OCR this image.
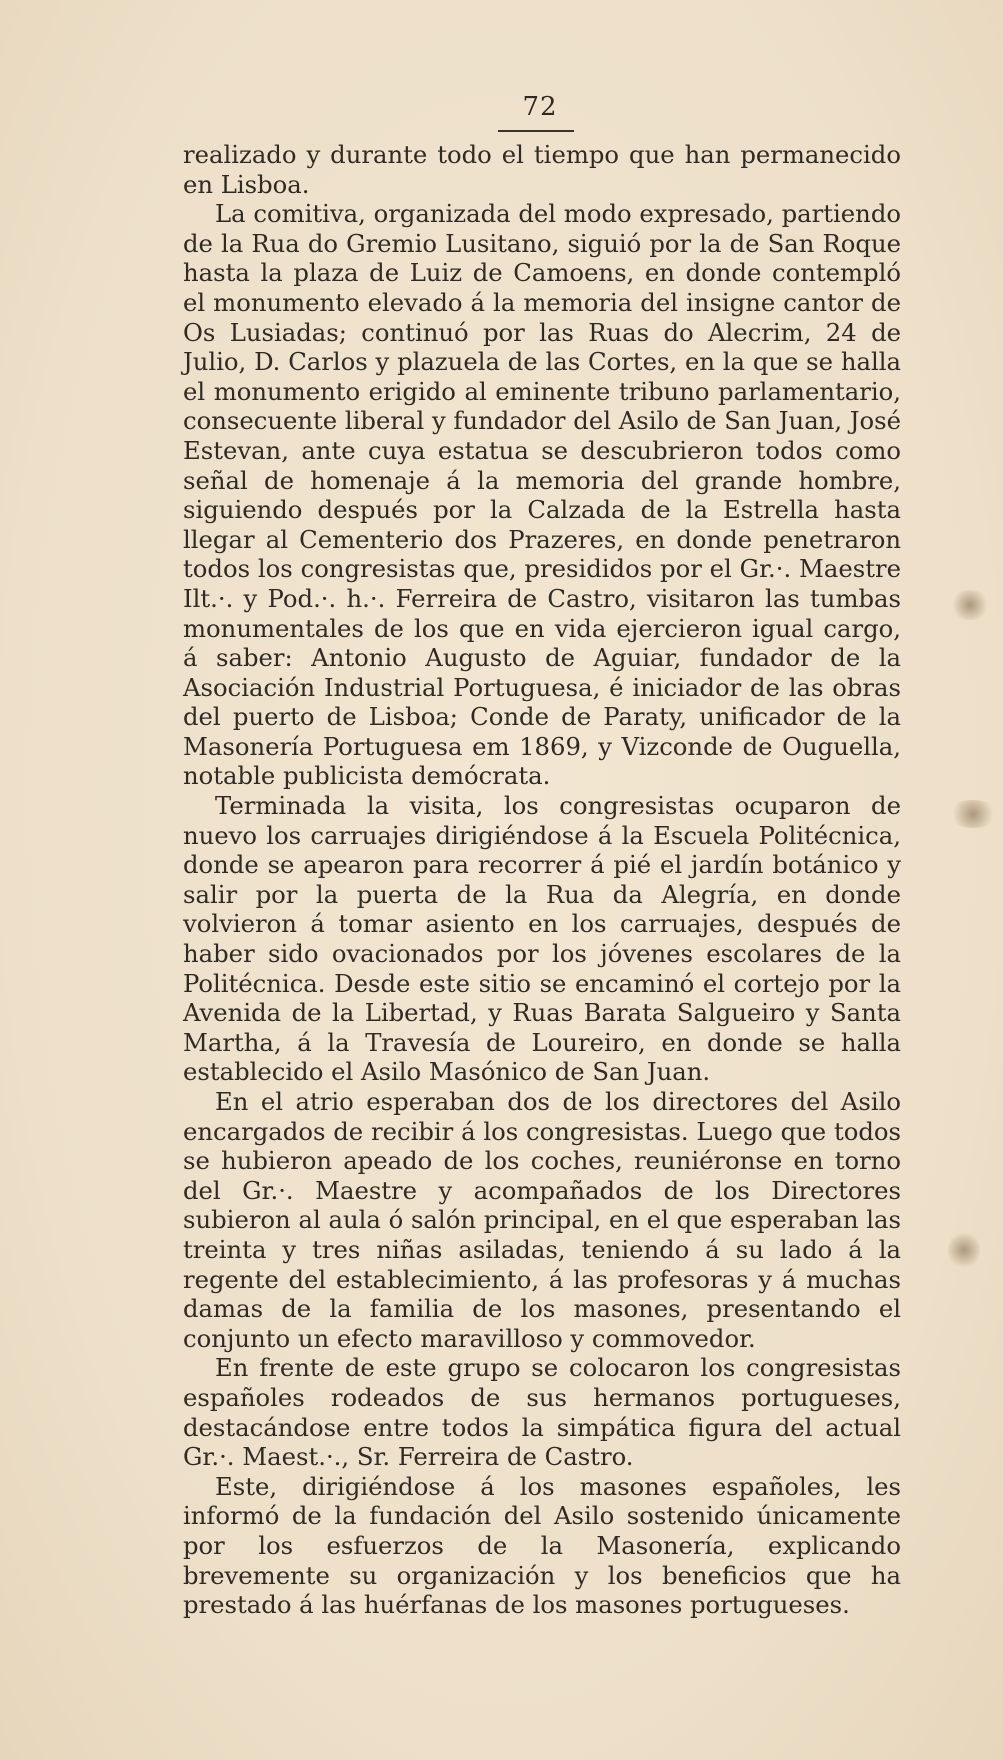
72

realizado y durante todo el tiempo que han permanecido en Lisboa.

La comitiva, organizada del modo expresado, partiendo de la Rua do Gremio Lusitano, siguió por la de San Roque hasta la plaza de Luiz de Camoens, en donde contempló el monumento elevado á la memoria del insigne cantor de Os Lusiadas; continuó por las Ruas do Alecrim, 24 de Julio, D. Carlos y plazuela de las Cortes, en la que se halla el monumento erigido al eminente tribuno parlamentario, consecuente liberal y fundador del Asilo de San Juan, José Estevan, ante cuya estatua se descubrieron todos como señal de homenaje á la memoria del grande hombre, siguiendo después por la Calzada de la Estrella hasta llegar al Cementerio dos Prazeres, en donde penetraron todos los congresistas que, presididos por el Gr.·. Maestre Ilt.·. y Pod.·. h.·. Ferreira de Castro, visitaron las tumbas monumentales de los que en vida ejercieron igual cargo, á saber: Antonio Augusto de Aguiar, fundador de la Asociación Industrial Portuguesa, é iniciador de las obras del puerto de Lisboa; Conde de Paraty, unificador de la Masonería Portuguesa em 1869, y Vizconde de Ouguella, notable publicista demócrata.

Terminada la visita, los congresistas ocuparon de nuevo los carruajes dirigiéndose á la Escuela Politécnica, donde se apearon para recorrer á pié el jardín botánico y salir por la puerta de la Rua da Alegría, en donde volvieron á tomar asiento en los carruajes, después de haber sido ovacionados por los jóvenes escolares de la Politécnica. Desde este sitio se encaminó el cortejo por la Avenida de la Libertad, y Ruas Barata Salgueiro y Santa Martha, á la Travesía de Loureiro, en donde se halla establecido el Asilo Masónico de San Juan.

En el atrio esperaban dos de los directores del Asilo encargados de recibir á los congresistas. Luego que todos se hubieron apeado de los coches, reuniéronse en torno del Gr.·. Maestre y acompañados de los Directores subieron al aula ó salón principal, en el que esperaban las treinta y tres niñas asiladas, teniendo á su lado á la regente del establecimiento, á las profesoras y á muchas damas de la familia de los masones, presentando el conjunto un efecto maravilloso y commovedor.

En frente de este grupo se colocaron los congresistas españoles rodeados de sus hermanos portugueses, destacándose entre todos la simpática figura del actual Gr.·. Maest.·., Sr. Ferreira de Castro.

Este, dirigiéndose á los masones españoles, les informó de la fundación del Asilo sostenido únicamente por los esfuerzos de la Masonería, explicando brevemente su organización y los beneficios que ha prestado á las huérfanas de los masones portugueses.
